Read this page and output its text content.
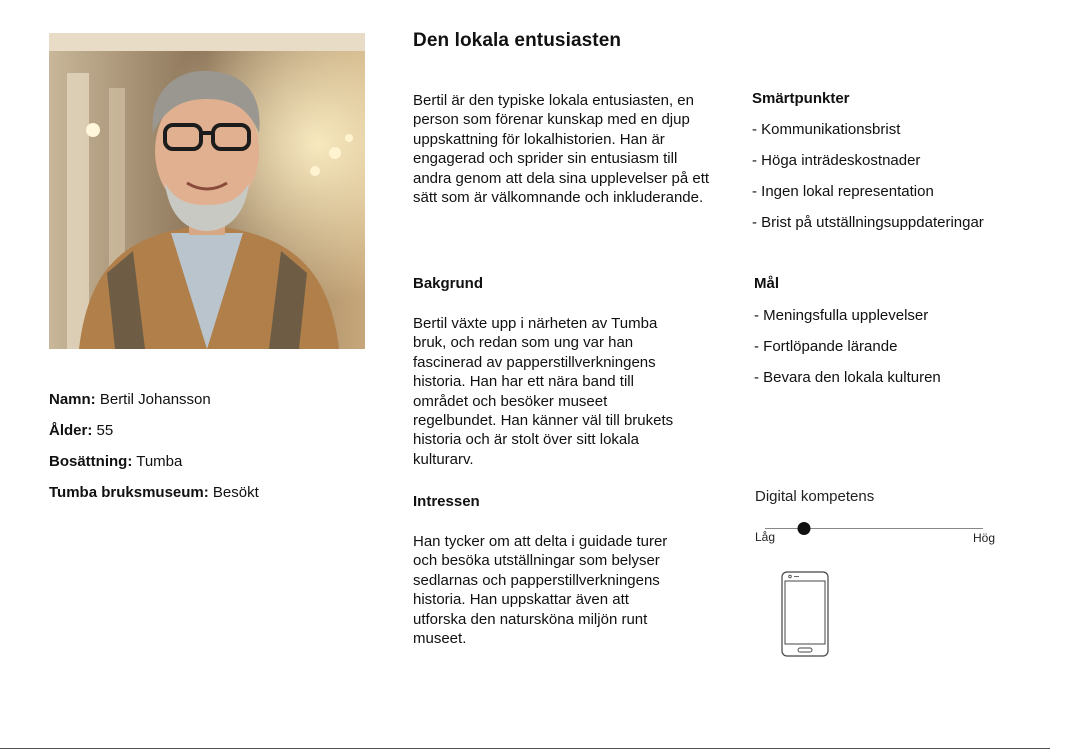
Namn: Bertil Johansson
Ålder: 55
Bosättning: Tumba
Tumba bruksmuseum: Besökt
Den lokala entusiasten

Bertil är den typiske lokala entusiasten, en person som förenar kunskap med en djup uppskattning för lokalhistorien. Han är engagerad och sprider sin entusiasm till andra genom att dela sina upplevelser på ett sätt som är välkomnande och inkluderande.

Bakgrund

Bertil växte upp i närheten av Tumba bruk, och redan som ung var han fascinerad av papperstillverkningens historia. Han har ett nära band till området och besöker museet regelbundet. Han känner väl till brukets historia och är stolt över sitt lokala kulturarv.

Intressen

Han tycker om att delta i guidade turer och besöka utställningar som belyser sedlarnas och papperstillverkningens historia. Han uppskattar även att utforska den natursköna miljön runt museet.

Smärtpunkter
- Kommunikationsbrist
- Höga inträdeskostnader
- Ingen lokal representation
- Brist på utställningsuppdateringar
Mål
- Meningsfulla upplevelser
- Fortlöpande lärande
- Bevara den lokala kulturen
Digital kompetens
Låg	Hög
